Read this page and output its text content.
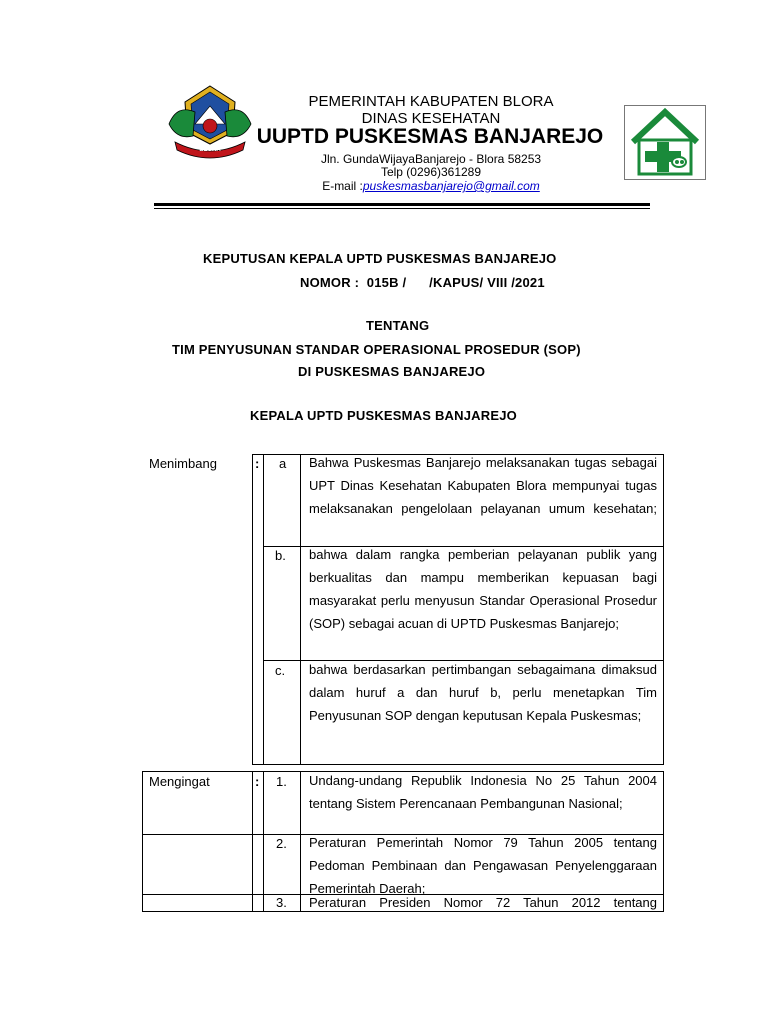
BLORA
PEMERINTAH KABUPATEN BLORA
DINAS KESEHATAN
UUPTD PUSKESMAS BANJAREJO
Jln. GundaWijayaBanjarejo - Blora 58253
Telp (0296)361289
E-mail :puskesmasbanjarejo@gmail.com
KEPUTUSAN KEPALA UPTD PUSKESMAS BANJAREJO
NOMOR :  015B /      /KAPUS/ VIII /2021
TENTANG
TIM PENYUSUNAN STANDAR OPERASIONAL PROSEDUR (SOP)
DI PUSKESMAS BANJAREJO
KEPALA UPTD PUSKESMAS BANJAREJO
Menimbang	: a Bahwa Puskesmas Banjarejo melaksanakan tugas sebagai UPT Dinas Kesehatan Kabupaten Blora mempunyai tugas melaksanakan pengelolaan pelayanan umum kesehatan;
b. bahwa dalam rangka pemberian pelayanan publik yang berkualitas dan mampu memberikan kepuasan bagi masyarakat perlu menyusun Standar Operasional Prosedur (SOP) sebagai acuan di UPTD Puskesmas Banjarejo;
c. bahwa berdasarkan pertimbangan sebagaimana dimaksud dalam huruf a dan huruf b, perlu menetapkan Tim Penyusunan SOP dengan keputusan Kepala Puskesmas;
Mengingat	: 1. Undang-undang Republik Indonesia No 25 Tahun 2004 tentang Sistem Perencanaan Pembangunan Nasional;
2. Peraturan Pemerintah Nomor 79 Tahun 2005 tentang Pedoman Pembinaan dan Pengawasan Penyelenggaraan Pemerintah Daerah;
3. Peraturan Presiden Nomor 72 Tahun 2012 tentang
